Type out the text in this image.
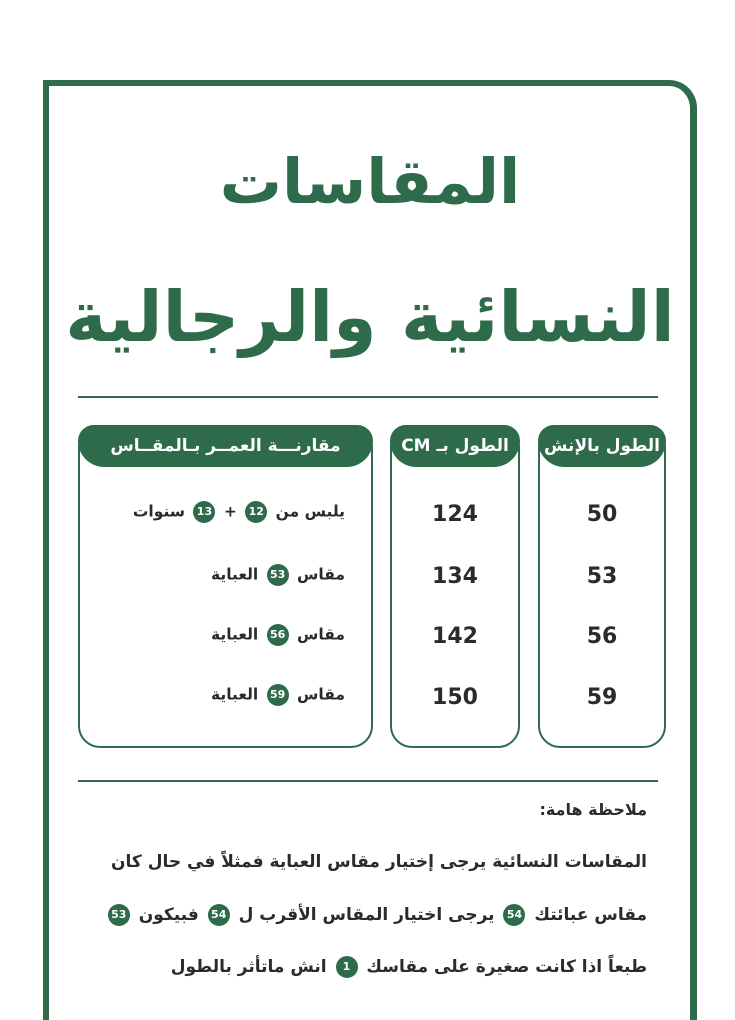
المقاسات
النسائية والرجالية
الطول بالإنش
50
53
56
59
الطول بـ CM
124
134
142
150
مقارنـــة العمــر بـالمقــاس
يلبس من 12 + 13 سنوات
مقاس 53 العباية
مقاس 56 العباية
مقاس 59 العباية
ملاحظة هامة:
المقاسات النسائية يرجى إختيار مقاس العباية فمثلاً في حال كان
مقاس عبائتك 54 يرجى اختيار المقاس الأقرب ل 54 فبيكون 53
طبعاً اذا كانت صغيرة على مقاسك 1 انش ماتأثر بالطول
